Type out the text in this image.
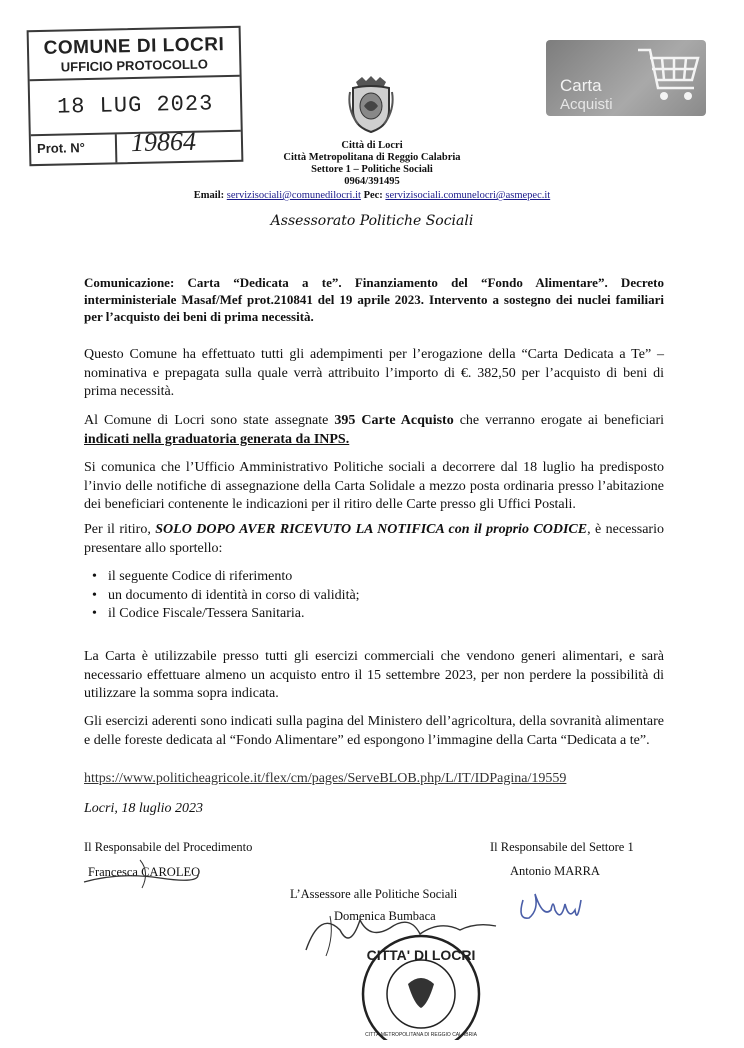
COMUNE DI LOCRI
UFFICIO PROTOCOLLO
18 LUG 2023
Prot. N° 19864
Carta
Acquisti
Città di Locri
Città Metropolitana di Reggio Calabria
Settore 1 – Politiche Sociali
0964/391495
Email: servizisociali@comunedilocri.it Pec: servizisociali.comunelocri@asmepec.it
Assessorato Politiche Sociali
Comunicazione: Carta “Dedicata a te”. Finanziamento del “Fondo Alimentare”. Decreto interministeriale Masaf/Mef prot.210841 del 19 aprile 2023. Intervento a sostegno dei nuclei familiari per l’acquisto dei beni di prima necessità.
Questo Comune ha effettuato tutti gli adempimenti per l’erogazione della “Carta Dedicata a Te” – nominativa e prepagata sulla quale verrà attribuito l’importo di €. 382,50 per l’acquisto di beni di prima necessità.
Al Comune di Locri sono state assegnate 395 Carte Acquisto che verranno erogate ai beneficiari indicati nella graduatoria generata da INPS.
Si comunica che l’Ufficio Amministrativo Politiche sociali a decorrere dal 18 luglio ha predisposto l’invio delle notifiche di assegnazione della Carta Solidale a mezzo posta ordinaria presso l’abitazione dei beneficiari contenente le indicazioni per il ritiro delle Carte presso gli Uffici Postali.
Per il ritiro, SOLO DOPO AVER RICEVUTO LA NOTIFICA con il proprio CODICE, è necessario presentare allo sportello:
• il seguente Codice di riferimento
• un documento di identità in corso di validità;
• il Codice Fiscale/Tessera Sanitaria.
La Carta è utilizzabile presso tutti gli esercizi commerciali che vendono generi alimentari, e sarà necessario effettuare almeno un acquisto entro il 15 settembre 2023, per non perdere la possibilità di utilizzare la somma sopra indicata.
Gli esercizi aderenti sono indicati sulla pagina del Ministero dell’agricoltura, della sovranità alimentare e delle foreste dedicata al “Fondo Alimentare” ed espongono l’immagine della Carta “Dedicata a te”.
https://www.politicheagricole.it/flex/cm/pages/ServeBLOB.php/L/IT/IDPagina/19559
Locri, 18 luglio 2023
Il Responsabile del Procedimento
Francesca CAROLEO
Il Responsabile del Settore 1
Antonio MARRA
L’Assessore alle Politiche Sociali
Domenica Bumbaca
CITTA' DI LOCRI
CITTÀ METROPOLITANA DI REGGIO CALABRIA
